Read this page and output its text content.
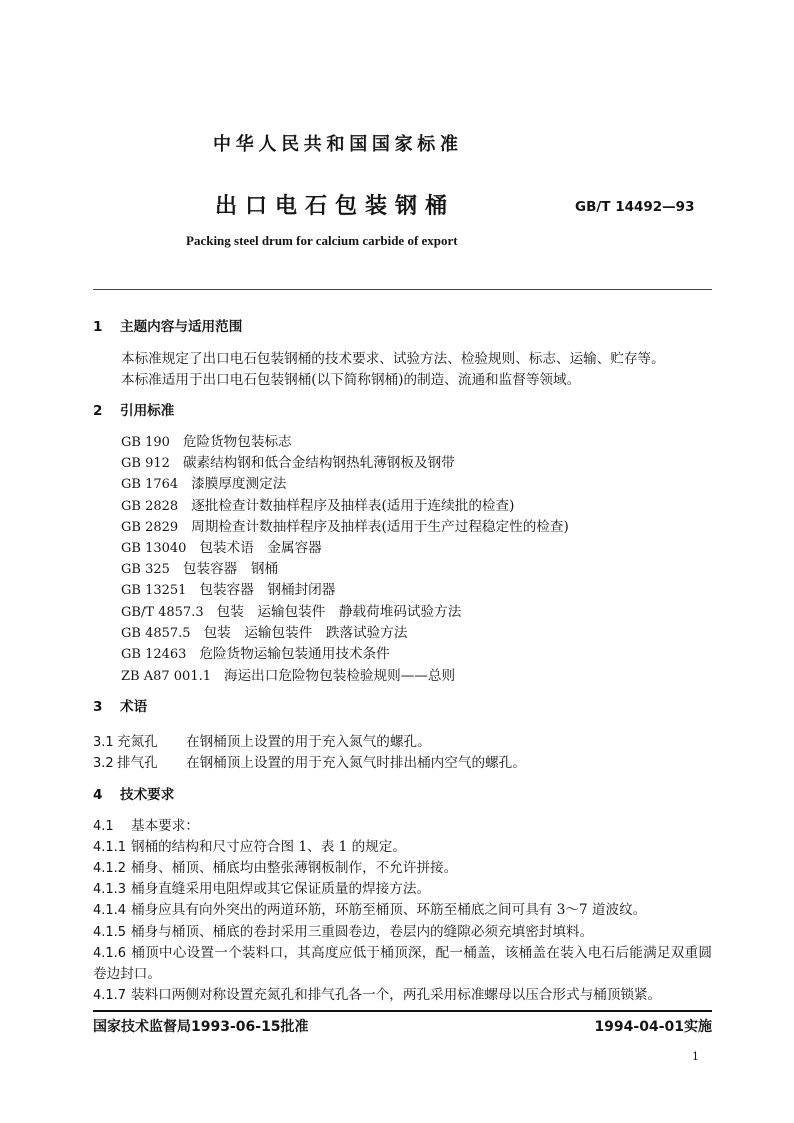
中华人民共和国国家标准
出口电石包装钢桶	GB/T 14492—93
Packing steel drum for calcium carbide of export
1 主题内容与适用范围
本标准规定了出口电石包装钢桶的技术要求、试验方法、检验规则、标志、运输、贮存等。
本标准适用于出口电石包装钢桶(以下简称钢桶)的制造、流通和监督等领域。
2 引用标准
GB 190 危险货物包装标志
GB 912 碳素结构钢和低合金结构钢热轧薄钢板及钢带
GB 1764 漆膜厚度测定法
GB 2828 逐批检查计数抽样程序及抽样表(适用于连续批的检查)
GB 2829 周期检查计数抽样程序及抽样表(适用于生产过程稳定性的检查)
GB 13040 包装术语　金属容器
GB 325 包装容器　钢桶
GB 13251 包装容器　钢桶封闭器
GB/T 4857.3 包装　运输包装件　静载荷堆码试验方法
GB 4857.5 包装　运输包装件　跌落试验方法
GB 12463 危险货物运输包装通用技术条件
ZB A87 001.1 海运出口危险物包装检验规则——总则
3 术语
3.1 充氮孔 在钢桶顶上设置的用于充入氮气的螺孔。
3.2 排气孔 在钢桶顶上设置的用于充入氮气时排出桶内空气的螺孔。
4 技术要求
4.1 基本要求：
4.1.1 钢桶的结构和尺寸应符合图 1、表 1 的规定。
4.1.2 桶身、桶顶、桶底均由整张薄钢板制作，不允许拼接。
4.1.3 桶身直缝采用电阻焊或其它保证质量的焊接方法。
4.1.4 桶身应具有向外突出的两道环筋，环筋至桶顶、环筋至桶底之间可具有 3～7 道波纹。
4.1.5 桶身与桶顶、桶底的卷封采用三重圆卷边，卷层内的缝隙必须充填密封填料。
4.1.6 桶顶中心设置一个装料口，其高度应低于桶顶深，配一桶盖，该桶盖在装入电石后能满足双重圆
卷边封口。
4.1.7 装料口两侧对称设置充氮孔和排气孔各一个，两孔采用标准螺母以压合形式与桶顶锁紧。
国家技术监督局1993-06-15批准	1994-04-01实施
1
